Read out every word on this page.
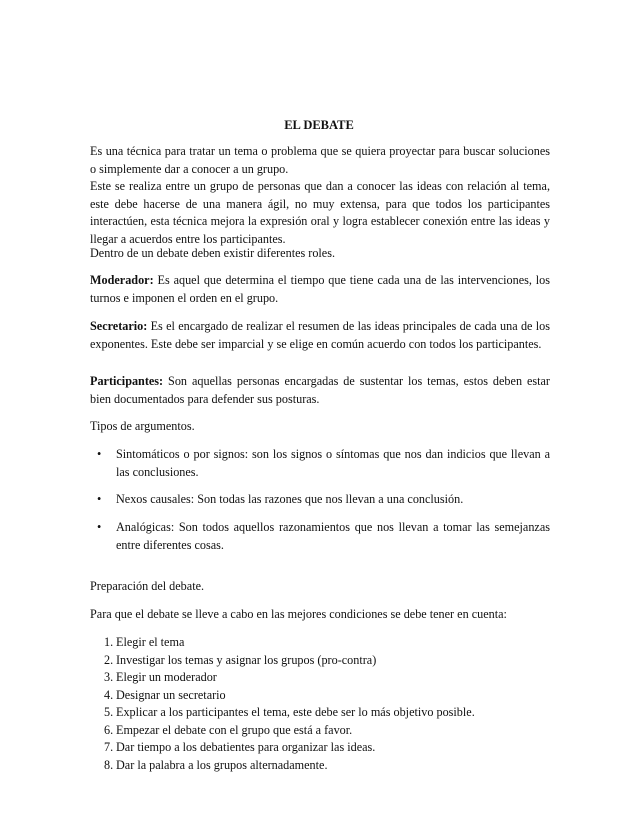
EL DEBATE

Es una técnica para tratar un tema o problema que se quiera proyectar para buscar soluciones o simplemente dar a conocer a un grupo.

Este se realiza entre un grupo de personas que dan a conocer las ideas con relación al tema, este debe hacerse de una manera ágil, no muy extensa, para que todos los participantes interactúen, esta técnica mejora la expresión oral y logra establecer conexión entre las ideas y llegar a acuerdos entre los participantes.

Dentro de un debate deben existir diferentes roles.

Moderador: Es aquel que determina el tiempo que tiene cada una de las intervenciones, los turnos e imponen el orden en el grupo.

Secretario: Es el encargado de realizar el resumen de las ideas principales de cada una de los exponentes. Este debe ser imparcial y se elige en común acuerdo con todos los participantes.

Participantes: Son aquellas personas encargadas de sustentar los temas, estos deben estar bien documentados para defender sus posturas.

Tipos de argumentos.

• Sintomáticos o por signos: son los signos o síntomas que nos dan indicios que llevan a las conclusiones.
• Nexos causales: Son todas las razones que nos llevan a una conclusión.
• Analógicas: Son todos aquellos razonamientos que nos llevan a tomar las semejanzas entre diferentes cosas.

Preparación del debate.

Para que el debate se lleve a cabo en las mejores condiciones se debe tener en cuenta:

1. Elegir el tema
2. Investigar los temas y asignar los grupos (pro-contra)
3. Elegir un moderador
4. Designar un secretario
5. Explicar a los participantes el tema, este debe ser lo más objetivo posible.
6. Empezar el debate con el grupo que está a favor.
7. Dar tiempo a los debatientes para organizar las ideas.
8. Dar la palabra a los grupos alternadamente.
